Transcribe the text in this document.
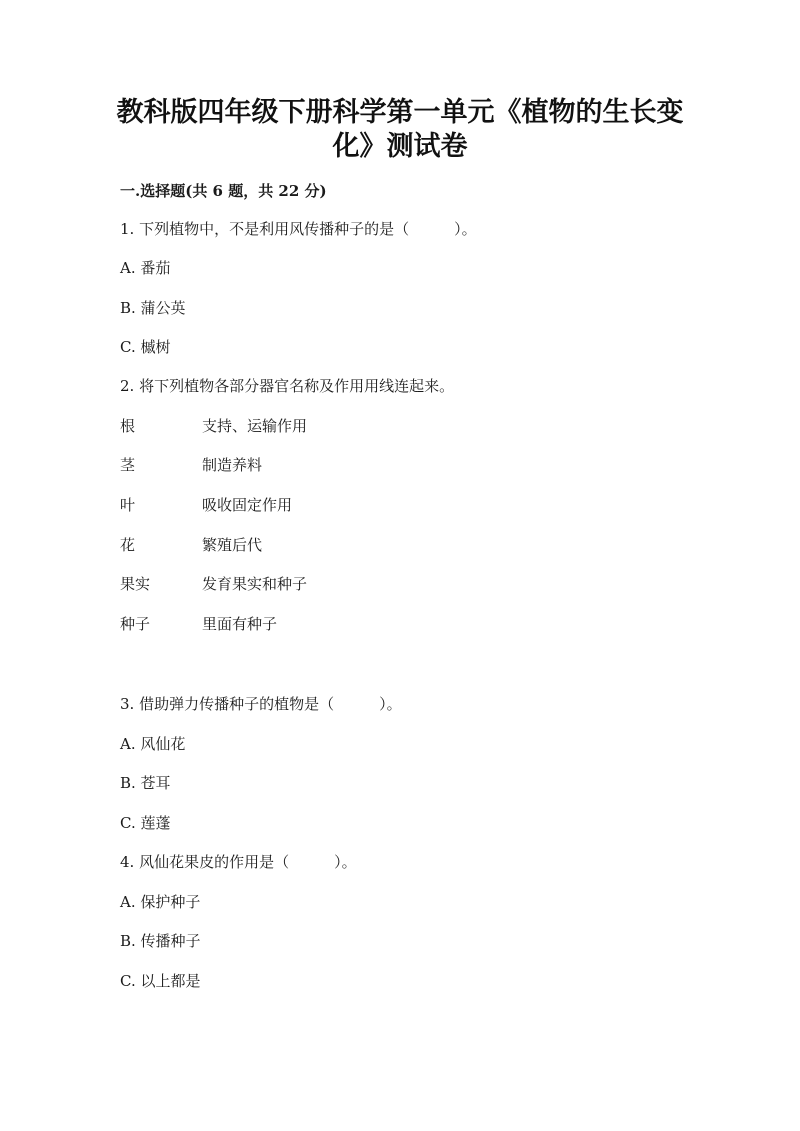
教科版四年级下册科学第一单元《植物的生长变
化》测试卷
一.选择题(共 6 题，共 22 分)
1. 下列植物中，不是利用风传播种子的是（　　　）。
A. 番茄
B. 蒲公英
C. 槭树
2. 将下列植物各部分器官名称及作用用线连起来。
根	支持、运输作用
茎	制造养料
叶	吸收固定作用
花	繁殖后代
果实	发育果实和种子
种子	里面有种子
3. 借助弹力传播种子的植物是（　　　）。
A. 风仙花
B. 苍耳
C. 莲蓬
4. 风仙花果皮的作用是（　　　）。
A. 保护种子
B. 传播种子
C. 以上都是
